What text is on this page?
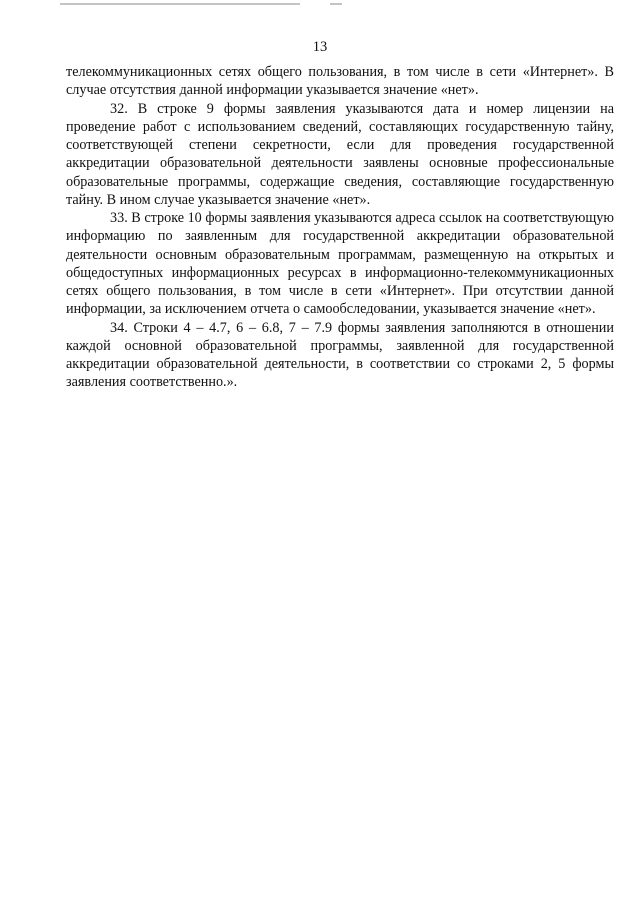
13

телекоммуникационных сетях общего пользования, в том числе в сети «Интернет». В случае отсутствия данной информации указывается значение «нет».

32. В строке 9 формы заявления указываются дата и номер лицензии на проведение работ с использованием сведений, составляющих государственную тайну, соответствующей степени секретности, если для проведения государственной аккредитации образовательной деятельности заявлены основные профессиональные образовательные программы, содержащие сведения, составляющие государственную тайну. В ином случае указывается значение «нет».

33. В строке 10 формы заявления указываются адреса ссылок на соответствующую информацию по заявленным для государственной аккредитации образовательной деятельности основным образовательным программам, размещенную на открытых и общедоступных информационных ресурсах в информационно-телекоммуникационных сетях общего пользования, в том числе в сети «Интернет». При отсутствии данной информации, за исключением отчета о самообследовании, указывается значение «нет».

34. Строки 4 – 4.7, 6 – 6.8, 7 – 7.9 формы заявления заполняются в отношении каждой основной образовательной программы, заявленной для государственной аккредитации образовательной деятельности, в соответствии со строками 2, 5 формы заявления соответственно.».
